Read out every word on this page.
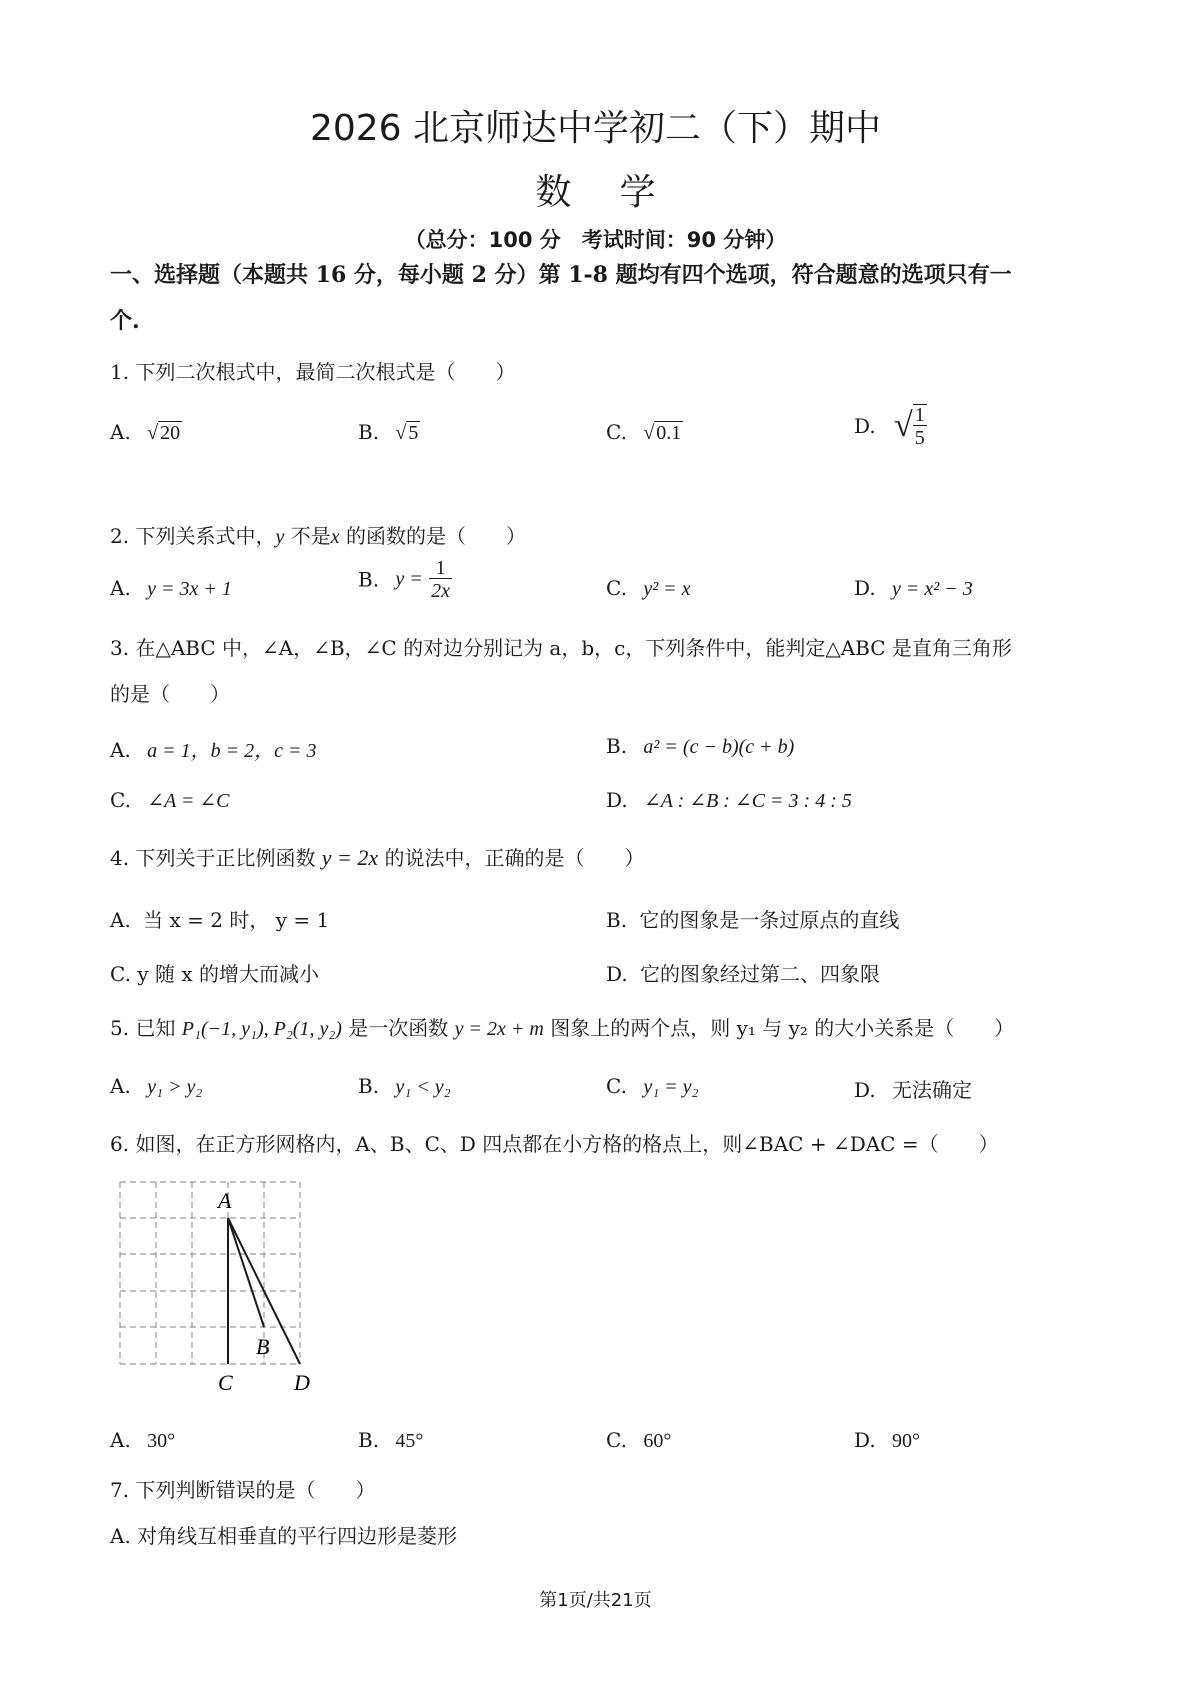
2026 北京师达中学初二（下）期中
数学
（总分：100 分　考试时间：90 分钟）
一、选择题（本题共 16 分，每小题 2 分）第 1-8 题均有四个选项，符合题意的选项只有一
个.
1. 下列二次根式中，最简二次根式是（　　）
A. √ 20	B. √ 5	C. √ 0.1	D. √ $\frac{1}{5}$
2. 下列关系式中，y 不是x 的函数的是（　　）
A. y = 3x + 1	B. $y = \frac{1}{2x}$	C. y² = x	D. y = x² − 3
3. 在△ABC 中，∠A，∠B，∠C 的对边分别记为 a，b，c，下列条件中，能判定△ABC 是直角三角形
的是（　　）
A. a = 1，b = 2，c = 3	B. a² = (c − b)(c + b)
C. ∠A = ∠C	D. ∠A : ∠B : ∠C = 3 : 4 : 5
4. 下列关于正比例函数 y = 2x 的说法中，正确的是（　　）
A. 当 x = 2 时， y = 1	B. 它的图象是一条过原点的直线
C. y 随 x 的增大而减小	D. 它的图象经过第二、四象限
5. 已知 P₁(−1, y₁), P₂(1, y₂) 是一次函数 y = 2x + m 图象上的两个点，则 y₁ 与 y₂ 的大小关系是（　　）
A. y₁ > y₂	B. y₁ < y₂	C. y₁ = y₂	D. 无法确定
6. 如图，在正方形网格内，A、B、C、D 四点都在小方格的格点上，则∠BAC + ∠DAC =（　　）
A
B
C	D
A. 30°	B. 45°	C. 60°	D. 90°
7. 下列判断错误的是（　　）
A. 对角线互相垂直的平行四边形是菱形
第1页/共21页
